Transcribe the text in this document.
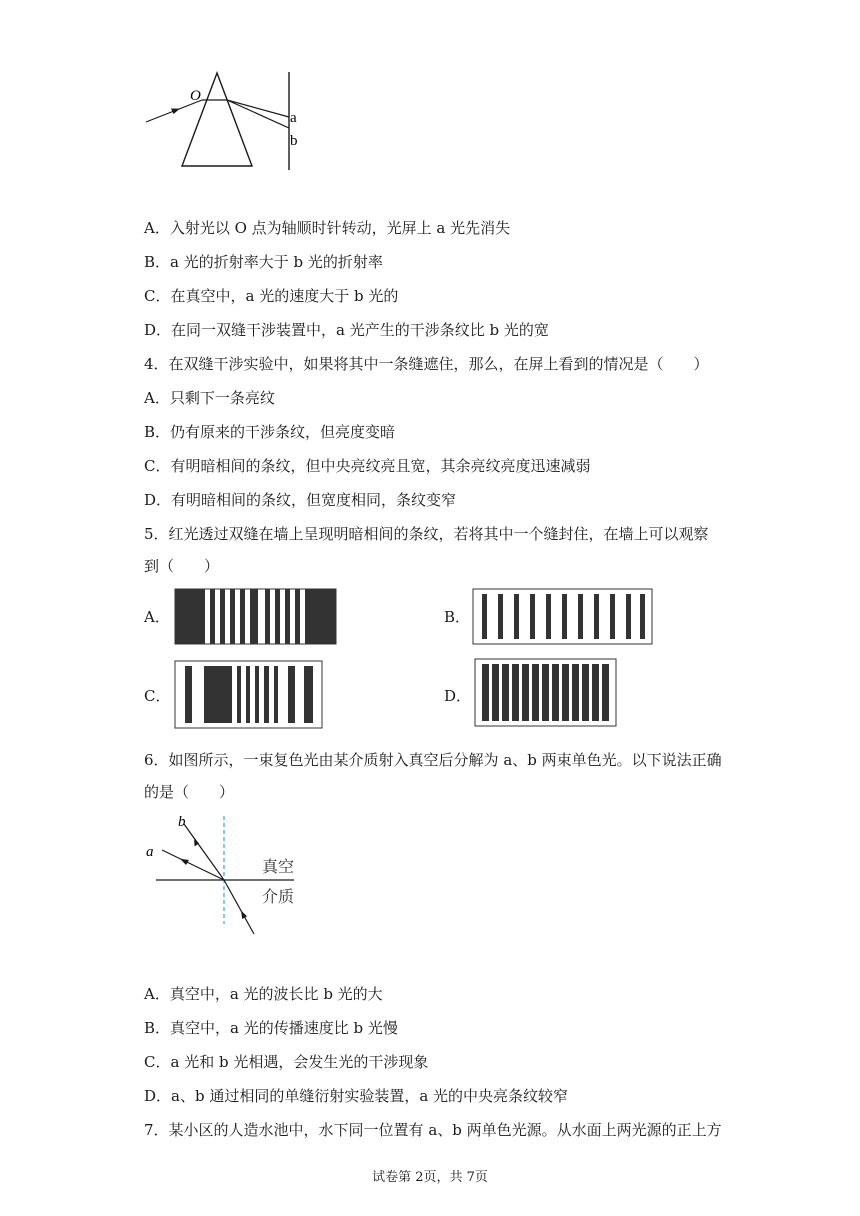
O
a
b
A．入射光以 O 点为轴顺时针转动，光屏上 a 光先消失
B．a 光的折射率大于 b 光的折射率
C．在真空中，a 光的速度大于 b 光的
D．在同一双缝干涉装置中，a 光产生的干涉条纹比 b 光的宽
4．在双缝干涉实验中，如果将其中一条缝遮住，那么，在屏上看到的情况是（　　）
A．只剩下一条亮纹
B．仍有原来的干涉条纹，但亮度变暗
C．有明暗相间的条纹，但中央亮纹亮且宽，其余亮纹亮度迅速减弱
D．有明暗相间的条纹，但宽度相同，条纹变窄
5．红光透过双缝在墙上呈现明暗相间的条纹，若将其中一个缝封住，在墙上可以观察
到（　　）
A．	B．
C．	D．
6．如图所示，一束复色光由某介质射入真空后分解为 a、b 两束单色光。以下说法正确
的是（　　）
a
b
真空
介质
A．真空中，a 光的波长比 b 光的大
B．真空中，a 光的传播速度比 b 光慢
C．a 光和 b 光相遇，会发生光的干涉现象
D．a、b 通过相同的单缝衍射实验装置，a 光的中央亮条纹较窄
7．某小区的人造水池中，水下同一位置有 a、b 两单色光源。从水面上两光源的正上方
试卷第 2页，共 7页
